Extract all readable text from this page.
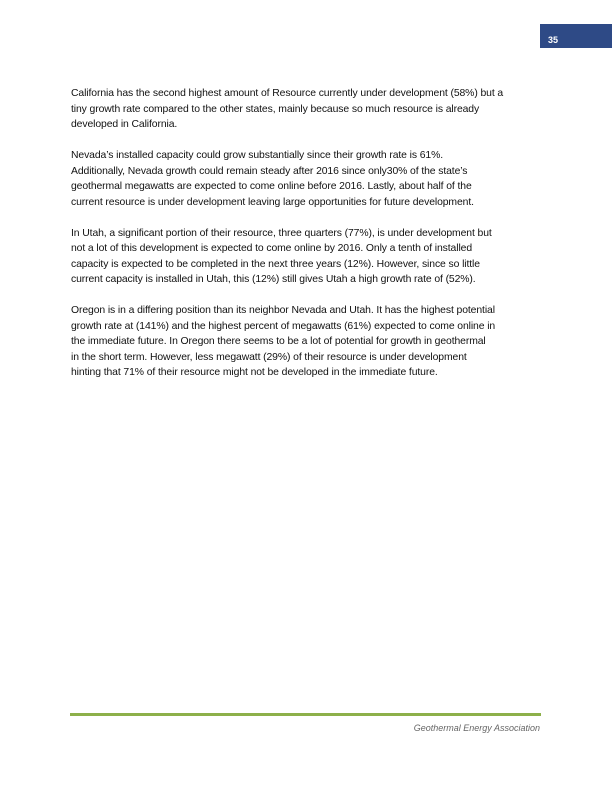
35

California has the second highest amount of Resource currently under development (58%) but a
tiny growth rate compared to the other states, mainly because so much resource is already
developed in California.

Nevada’s installed capacity could grow substantially since their growth rate is 61%.
Additionally, Nevada growth could remain steady after 2016 since only30% of the state’s
geothermal megawatts are expected to come online before 2016. Lastly, about half of the
current resource is under development leaving large opportunities for future development.

In Utah, a significant portion of their resource, three quarters (77%), is under development but
not a lot of this development is expected to come online by 2016. Only a tenth of installed
capacity is expected to be completed in the next three years (12%). However, since so little
current capacity is installed in Utah, this (12%) still gives Utah a high growth rate of (52%).

Oregon is in a differing position than its neighbor Nevada and Utah. It has the highest potential
growth rate at (141%) and the highest percent of megawatts (61%) expected to come online in
the immediate future. In Oregon there seems to be a lot of potential for growth in geothermal
in the short term. However, less megawatt (29%) of their resource is under development
hinting that 71% of their resource might not be developed in the immediate future.

Geothermal Energy Association
